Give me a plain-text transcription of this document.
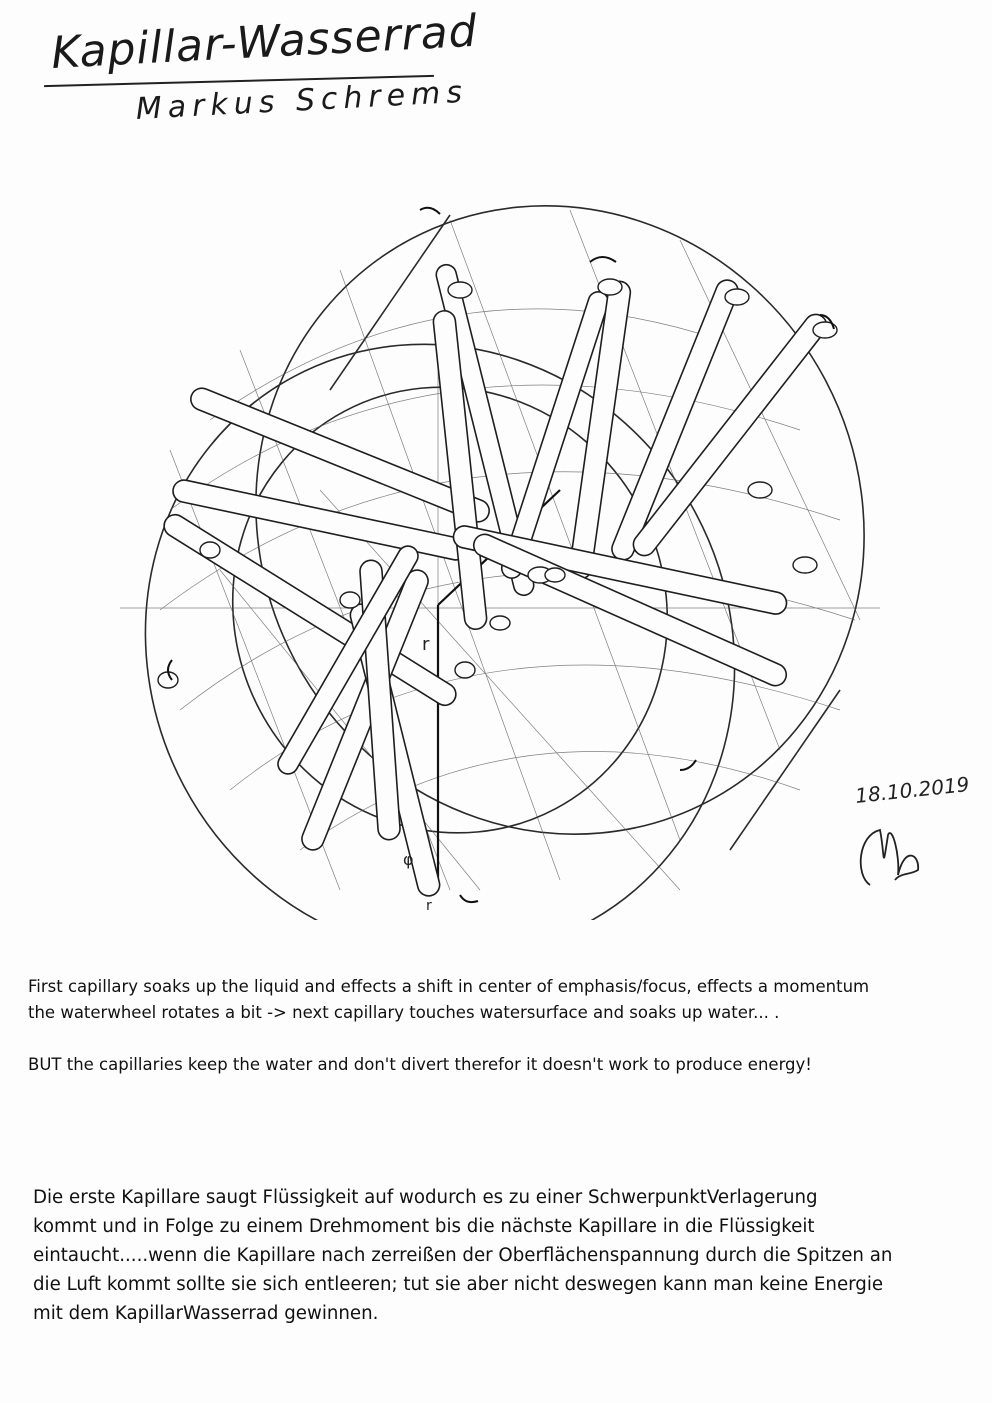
Kapillar-Wasserrad
Markus Schrems
r
φ
r
18.10.2019

First capillary soaks up the liquid and effects a shift in center of emphasis/focus, effects a momentum

the waterwheel rotates a bit -> next capillary touches watersurface and soaks up water... .

BUT the capillaries keep the water and don't divert therefor it doesn't work to produce energy!

Die erste Kapillare saugt Flüssigkeit auf wodurch es zu einer SchwerpunktVerlagerung

kommt und in Folge zu einem Drehmoment bis die nächste Kapillare in die Flüssigkeit

eintaucht.....wenn die Kapillare nach zerreißen der Oberflächenspannung durch die Spitzen an

die Luft kommt sollte sie sich entleeren; tut sie aber nicht deswegen kann man keine Energie

mit dem KapillarWasserrad gewinnen.
